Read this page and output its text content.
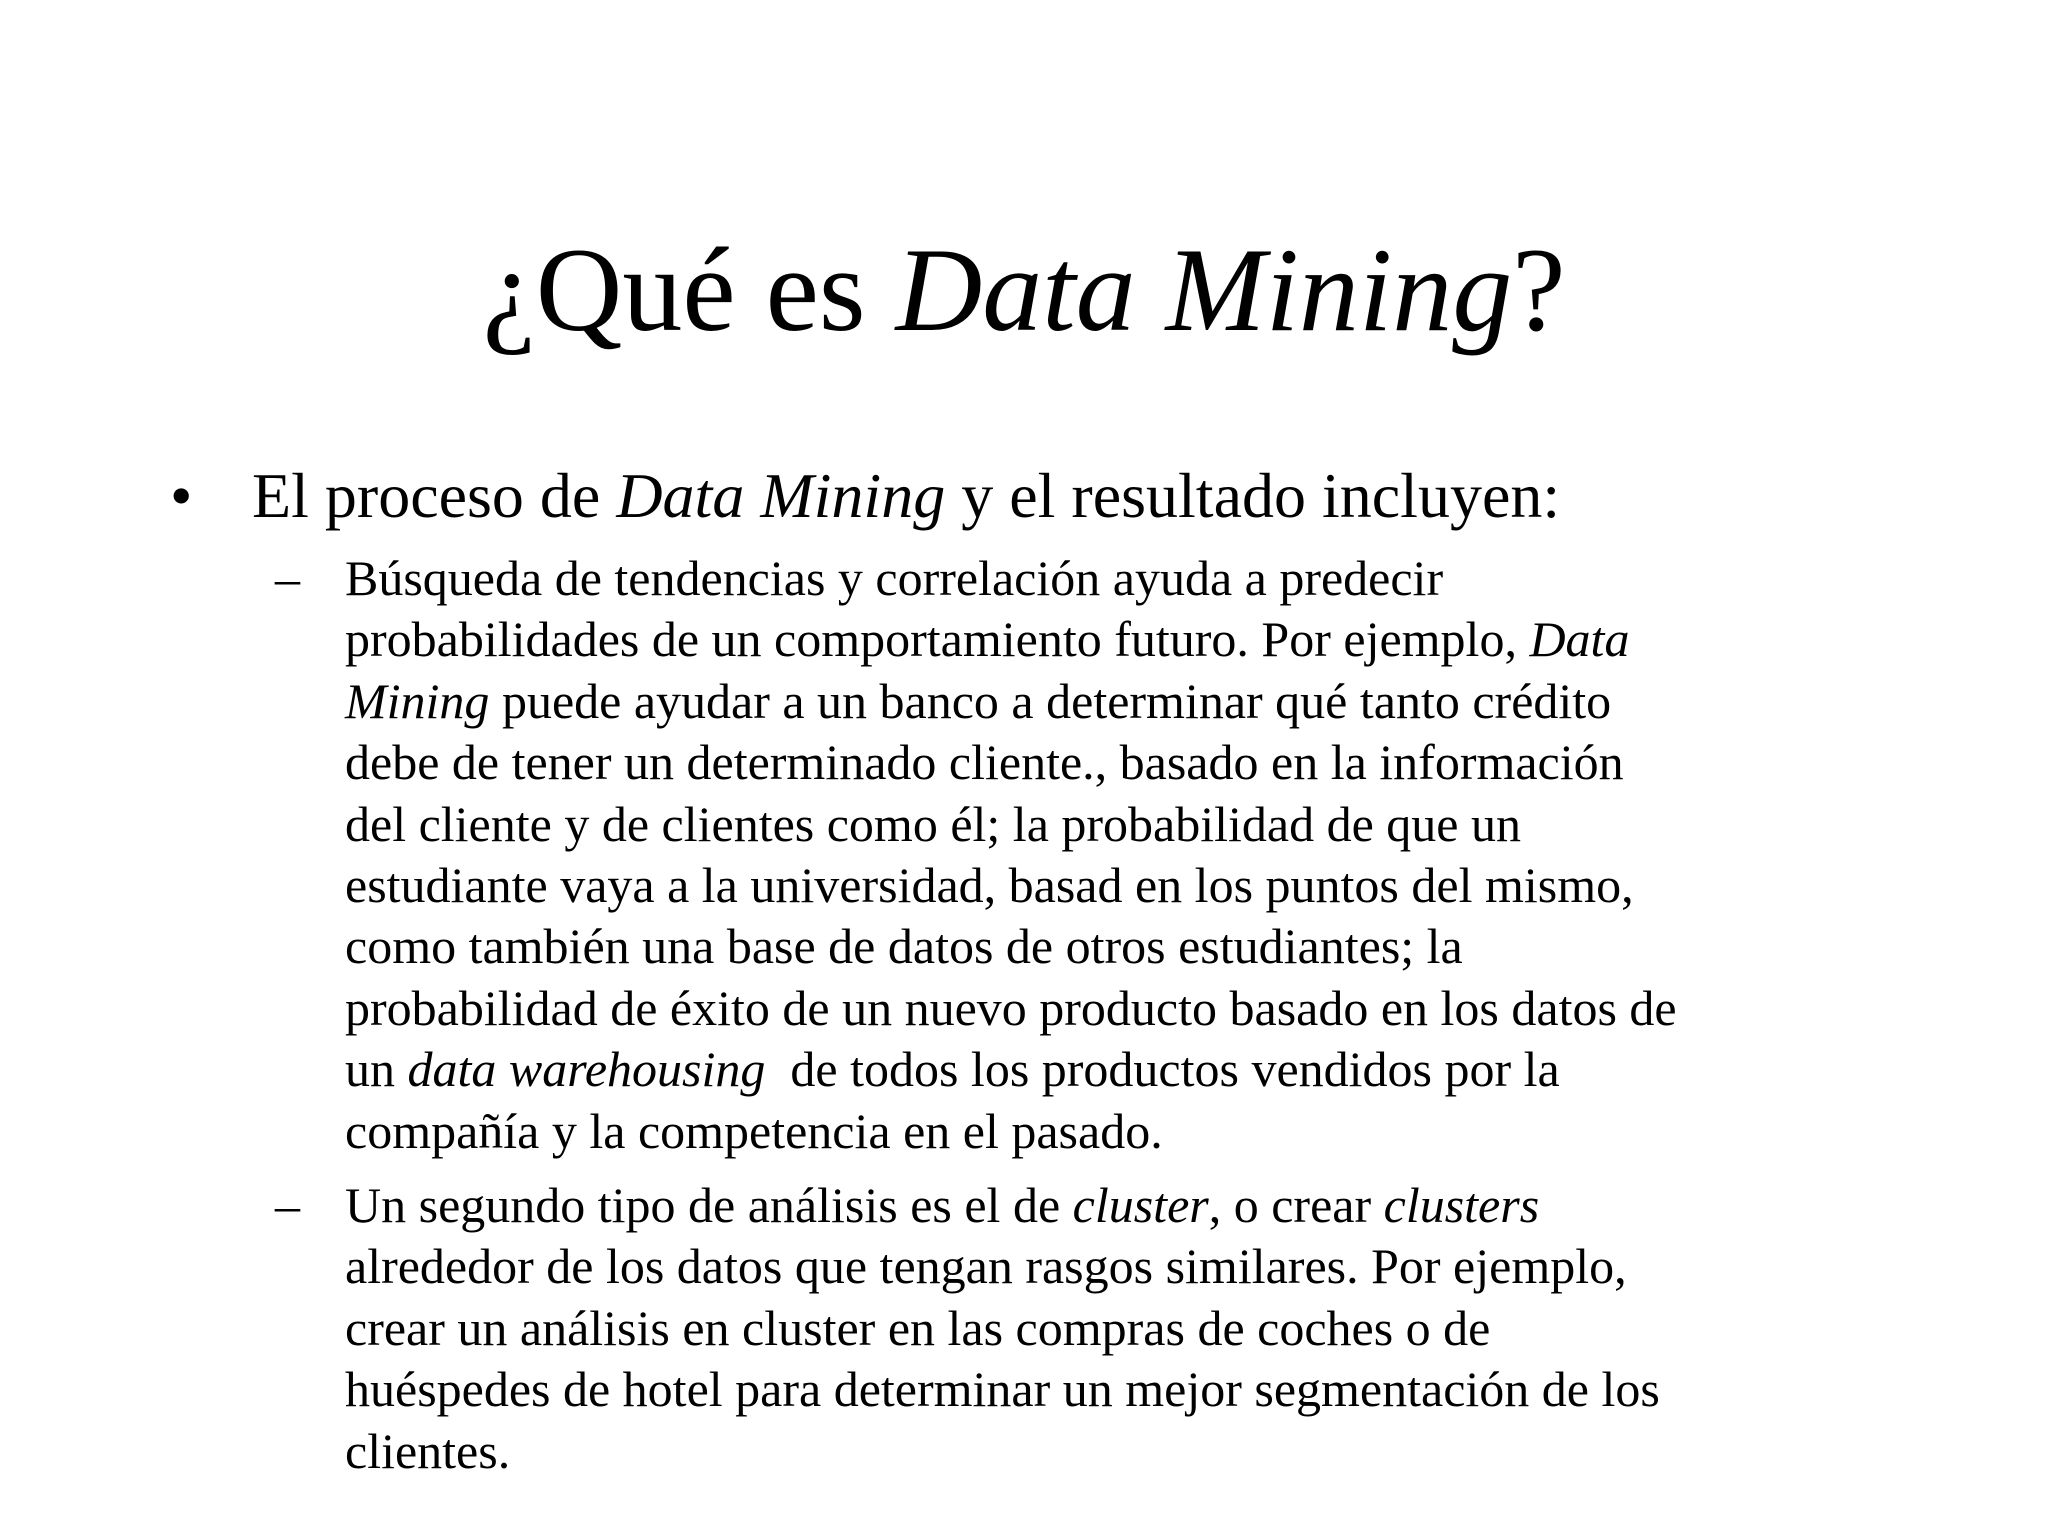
¿Qué es Data Mining?
• El proceso de Data Mining y el resultado incluyen:
– Búsqueda de tendencias y correlación ayuda a predecir
probabilidades de un comportamiento futuro. Por ejemplo, Data
Mining puede ayudar a un banco a determinar qué tanto crédito
debe de tener un determinado cliente., basado en la información
del cliente y de clientes como él; la probabilidad de que un
estudiante vaya a la universidad, basad en los puntos del mismo,
como también una base de datos de otros estudiantes; la
probabilidad de éxito de un nuevo producto basado en los datos de
un data warehousing  de todos los productos vendidos por la
compañía y la competencia en el pasado.
– Un segundo tipo de análisis es el de cluster, o crear clusters
alrededor de los datos que tengan rasgos similares. Por ejemplo,
crear un análisis en cluster en las compras de coches o de
huéspedes de hotel para determinar un mejor segmentación de los
clientes.
